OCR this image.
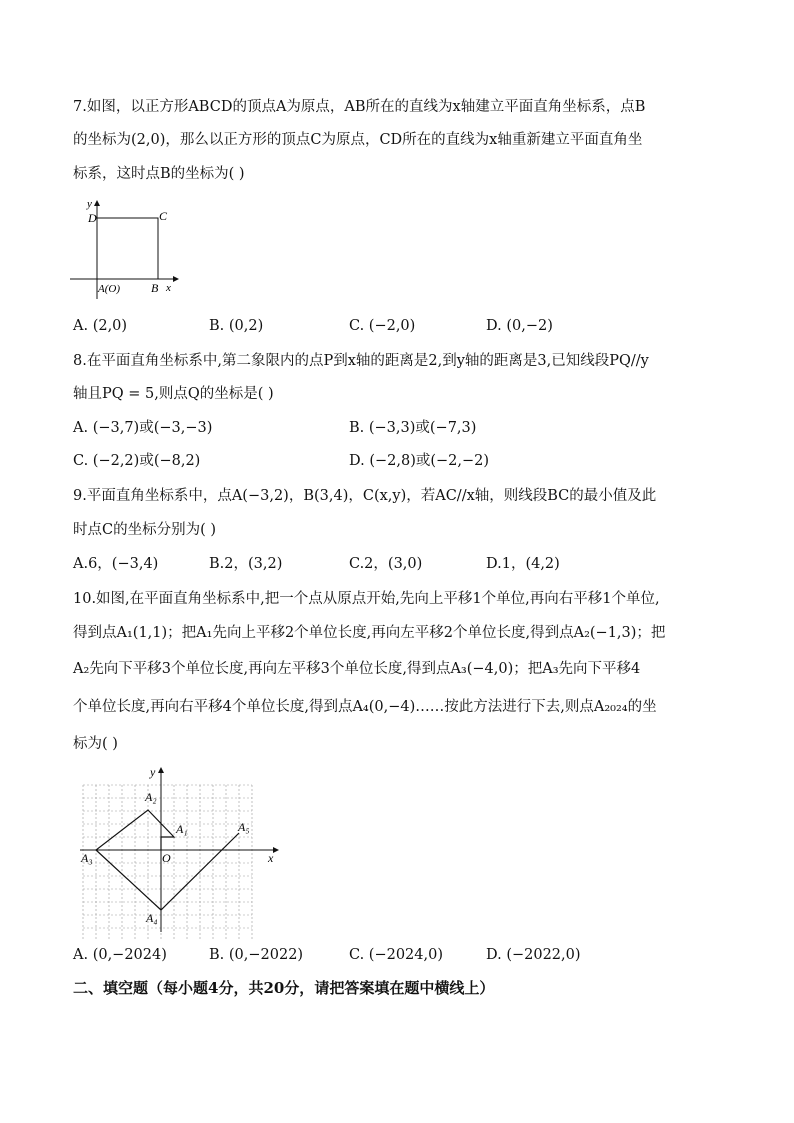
7.如图，以正方形ABCD的顶点A为原点，AB所在的直线为x轴建立平面直角坐标系，点B
的坐标为(2,0)，那么以正方形的顶点C为原点，CD所在的直线为x轴重新建立平面直角坐
标系，这时点B的坐标为( )
y
D	C
A(O)	B x
A. (2,0)	B. (0,2)	C. (−2,0)	D. (0,−2)
8.在平面直角坐标系中,第二象限内的点P到x轴的距离是2,到y轴的距离是3,已知线段PQ//y
轴且PQ = 5,则点Q的坐标是( )
A. (−3,7)或(−3,−3)	B. (−3,3)或(−7,3)
C. (−2,2)或(−8,2)	D. (−2,8)或(−2,−2)
9.平面直角坐标系中，点A(−3,2)，B(3,4)，C(x,y)，若AC//x轴，则线段BC的最小值及此
时点C的坐标分别为( )
A.6，(−3,4)	B.2，(3,2)	C.2，(3,0)	D.1，(4,2)
10.如图,在平面直角坐标系中,把一个点从原点开始,先向上平移1个单位,再向右平移1个单位,
得到点A₁(1,1)；把A₁先向上平移2个单位长度,再向左平移2个单位长度,得到点A₂(−1,3)；把
A₂先向下平移3个单位长度,再向左平移3个单位长度,得到点A₃(−4,0)；把A₃先向下平移4
个单位长度,再向右平移4个单位长度,得到点A₄(0,−4)……按此方法进行下去,则点A₂₀₂₄的坐
标为( )
y
x
O
A₁
A₂
A₃
A₄
A₅
A. (0,−2024)	B. (0,−2022)	C. (−2024,0)	D. (−2022,0)
二、填空题（每小题4分，共20分，请把答案填在题中横线上）
